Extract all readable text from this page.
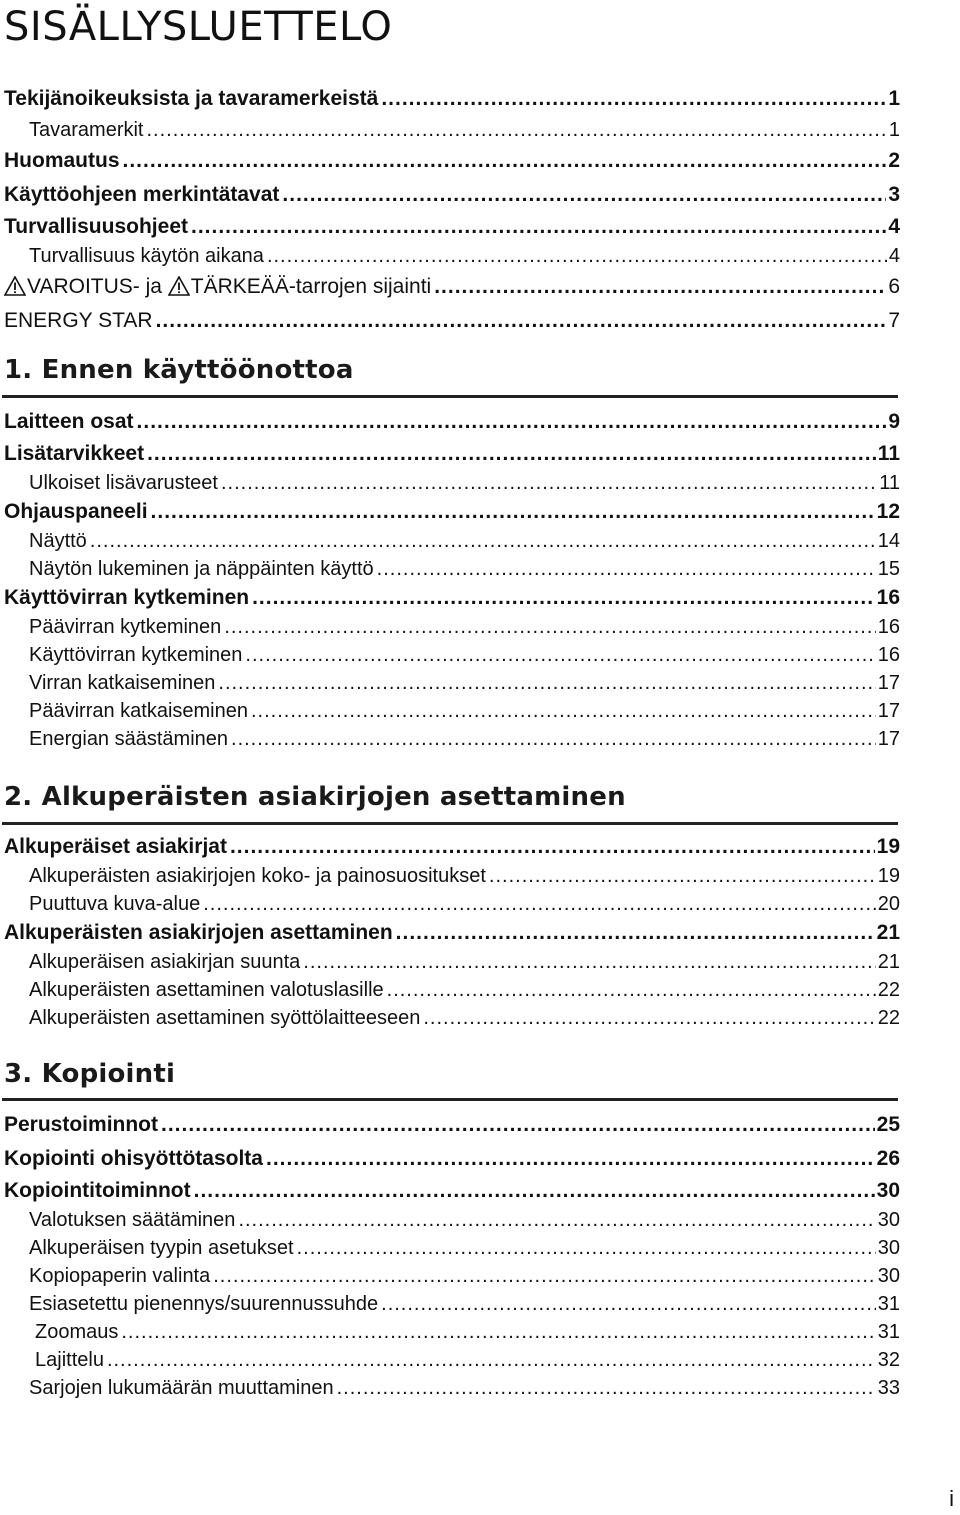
SISÄLLYSLUETTELO
Tekijänoikeuksista ja tavaramerkeistä .....	1
Tavaramerkit .....	1
Huomautus .....	2
Käyttöohjeen merkintätavat .....	3
Turvallisuusohjeet .....	4
Turvallisuus käytön aikana .....	4
VAROITUS- ja TÄRKEÄÄ-tarrojen sijainti .....	6
ENERGY STAR .....	7
1. Ennen käyttöönottoa
Laitteen osat .....	9
Lisätarvikkeet .....	11
Ulkoiset lisävarusteet .....	11
Ohjauspaneeli .....	12
Näyttö .....	14
Näytön lukeminen ja näppäinten käyttö .....	15
Käyttövirran kytkeminen .....	16
Päävirran kytkeminen .....	16
Käyttövirran kytkeminen .....	16
Virran katkaiseminen .....	17
Päävirran katkaiseminen .....	17
Energian säästäminen .....	17
2. Alkuperäisten asiakirjojen asettaminen
Alkuperäiset asiakirjat .....	19
Alkuperäisten asiakirjojen koko- ja painosuositukset .....	19
Puuttuva kuva-alue .....	20
Alkuperäisten asiakirjojen asettaminen .....	21
Alkuperäisen asiakirjan suunta .....	21
Alkuperäisten asettaminen valotuslasille .....	22
Alkuperäisten asettaminen syöttölaitteeseen .....	22
3. Kopiointi
Perustoiminnot .....	25
Kopiointi ohisyöttötasolta .....	26
Kopiointitoiminnot .....	30
Valotuksen säätäminen .....	30
Alkuperäisen tyypin asetukset .....	30
Kopiopaperin valinta .....	30
Esiasetettu pienennys/suurennussuhde .....	31
Zoomaus .....	31
Lajittelu .....	32
Sarjojen lukumäärän muuttaminen .....	33
i
